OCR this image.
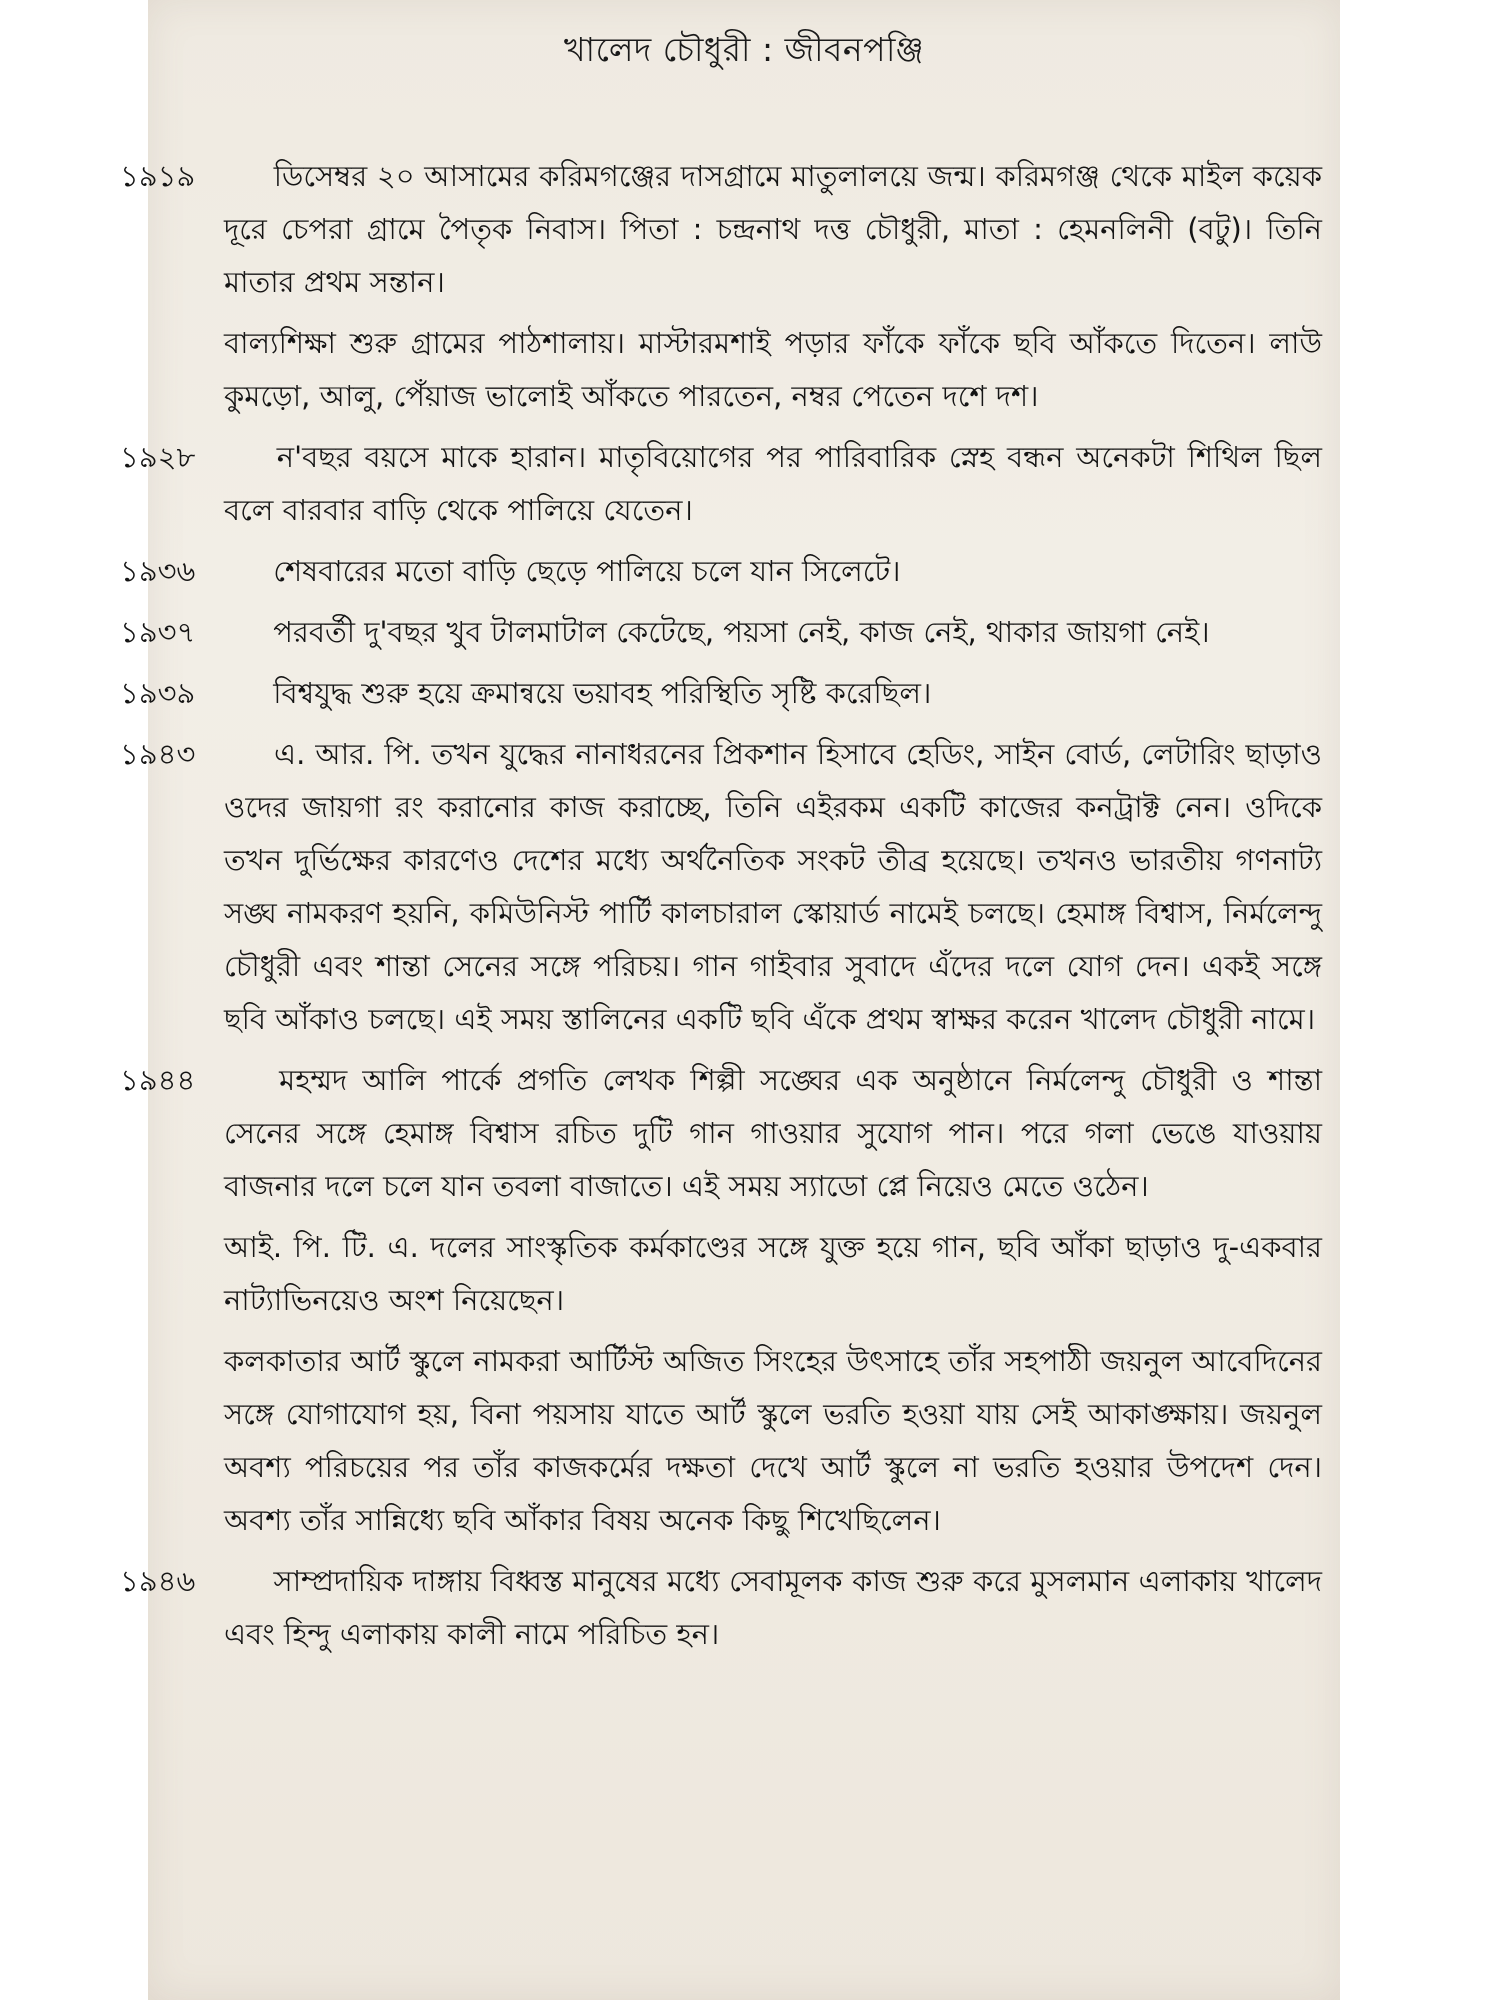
খালেদ চৌধুরী : জীবনপঞ্জি
১৯১৯	ডিসেম্বর ২০ আসামের করিমগঞ্জের দাসগ্রামে মাতুলালয়ে জন্ম। করিমগঞ্জ থেকে মাইল কয়েক দূরে চেপরা গ্রামে পৈতৃক নিবাস। পিতা : চন্দ্রনাথ দত্ত চৌধুরী, মাতা : হেমনলিনী (বটু)। তিনি মাতার প্রথম সন্তান।
বাল্যশিক্ষা শুরু গ্রামের পাঠশালায়। মাস্টারমশাই পড়ার ফাঁকে ফাঁকে ছবি আঁকতে দিতেন। লাউ কুমড়ো, আলু, পেঁয়াজ ভালোই আঁকতে পারতেন, নম্বর পেতেন দশে দশ।
১৯২৮	ন'বছর বয়সে মাকে হারান। মাতৃবিয়োগের পর পারিবারিক স্নেহ বন্ধন অনেকটা শিথিল ছিল বলে বারবার বাড়ি থেকে পালিয়ে যেতেন।
১৯৩৬	শেষবারের মতো বাড়ি ছেড়ে পালিয়ে চলে যান সিলেটে।
১৯৩৭	পরবর্তী দু'বছর খুব টালমাটাল কেটেছে, পয়সা নেই, কাজ নেই, থাকার জায়গা নেই।
১৯৩৯	বিশ্বযুদ্ধ শুরু হয়ে ক্রমান্বয়ে ভয়াবহ পরিস্থিতি সৃষ্টি করেছিল।
১৯৪৩	এ. আর. পি. তখন যুদ্ধের নানাধরনের প্রিকশান হিসাবে হেডিং, সাইন বোর্ড, লেটারিং ছাড়াও ওদের জায়গা রং করানোর কাজ করাচ্ছে, তিনি এইরকম একটি কাজের কনট্রাক্ট নেন। ওদিকে তখন দুর্ভিক্ষের কারণেও দেশের মধ্যে অর্থনৈতিক সংকট তীব্র হয়েছে। তখনও ভারতীয় গণনাট্য সঙ্ঘ নামকরণ হয়নি, কমিউনিস্ট পার্টি কালচারাল স্কোয়ার্ড নামেই চলছে। হেমাঙ্গ বিশ্বাস, নির্মলেন্দু চৌধুরী এবং শান্তা সেনের সঙ্গে পরিচয়। গান গাইবার সুবাদে এঁদের দলে যোগ দেন। একই সঙ্গে ছবি আঁকাও চলছে। এই সময় স্তালিনের একটি ছবি এঁকে প্রথম স্বাক্ষর করেন খালেদ চৌধুরী নামে।
১৯৪৪	মহম্মদ আলি পার্কে প্রগতি লেখক শিল্পী সঙ্ঘের এক অনুষ্ঠানে নির্মলেন্দু চৌধুরী ও শান্তা সেনের সঙ্গে হেমাঙ্গ বিশ্বাস রচিত দুটি গান গাওয়ার সুযোগ পান। পরে গলা ভেঙে যাওয়ায় বাজনার দলে চলে যান তবলা বাজাতে। এই সময় স্যাডো প্লে নিয়েও মেতে ওঠেন।
আই. পি. টি. এ. দলের সাংস্কৃতিক কর্মকাণ্ডের সঙ্গে যুক্ত হয়ে গান, ছবি আঁকা ছাড়াও দু-একবার নাট্যাভিনয়েও অংশ নিয়েছেন।
কলকাতার আর্ট স্কুলে নামকরা আর্টিস্ট অজিত সিংহের উৎসাহে তাঁর সহপাঠী জয়নুল আবেদিনের সঙ্গে যোগাযোগ হয়, বিনা পয়সায় যাতে আর্ট স্কুলে ভরতি হওয়া যায় সেই আকাঙ্ক্ষায়। জয়নুল অবশ্য পরিচয়ের পর তাঁর কাজকর্মের দক্ষতা দেখে আর্ট স্কুলে না ভরতি হওয়ার উপদেশ দেন। অবশ্য তাঁর সান্নিধ্যে ছবি আঁকার বিষয় অনেক কিছু শিখেছিলেন।
১৯৪৬	সাম্প্রদায়িক দাঙ্গায় বিধ্বস্ত মানুষের মধ্যে সেবামূলক কাজ শুরু করে মুসলমান এলাকায় খালেদ এবং হিন্দু এলাকায় কালী নামে পরিচিত হন।
